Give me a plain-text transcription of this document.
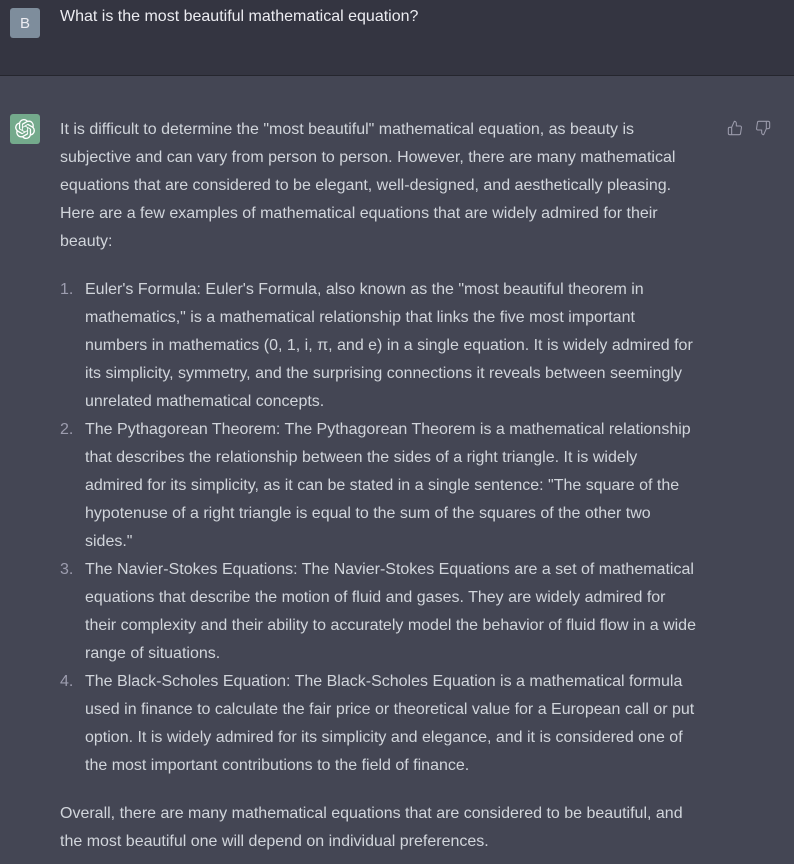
B	What is the most beautiful mathematical equation?

It is difficult to determine the "most beautiful" mathematical equation, as beauty is subjective and can vary from person to person. However, there are many mathematical equations that are considered to be elegant, well-designed, and aesthetically pleasing. Here are a few examples of mathematical equations that are widely admired for their beauty:

1. Euler's Formula: Euler's Formula, also known as the "most beautiful theorem in mathematics," is a mathematical relationship that links the five most important numbers in mathematics (0, 1, i, π, and e) in a single equation. It is widely admired for its simplicity, symmetry, and the surprising connections it reveals between seemingly unrelated mathematical concepts.
2. The Pythagorean Theorem: The Pythagorean Theorem is a mathematical relationship that describes the relationship between the sides of a right triangle. It is widely admired for its simplicity, as it can be stated in a single sentence: "The square of the hypotenuse of a right triangle is equal to the sum of the squares of the other two sides."
3. The Navier-Stokes Equations: The Navier-Stokes Equations are a set of mathematical equations that describe the motion of fluid and gases. They are widely admired for their complexity and their ability to accurately model the behavior of fluid flow in a wide range of situations.
4. The Black-Scholes Equation: The Black-Scholes Equation is a mathematical formula used in finance to calculate the fair price or theoretical value for a European call or put option. It is widely admired for its simplicity and elegance, and it is considered one of the most important contributions to the field of finance.

Overall, there are many mathematical equations that are considered to be beautiful, and the most beautiful one will depend on individual preferences.
